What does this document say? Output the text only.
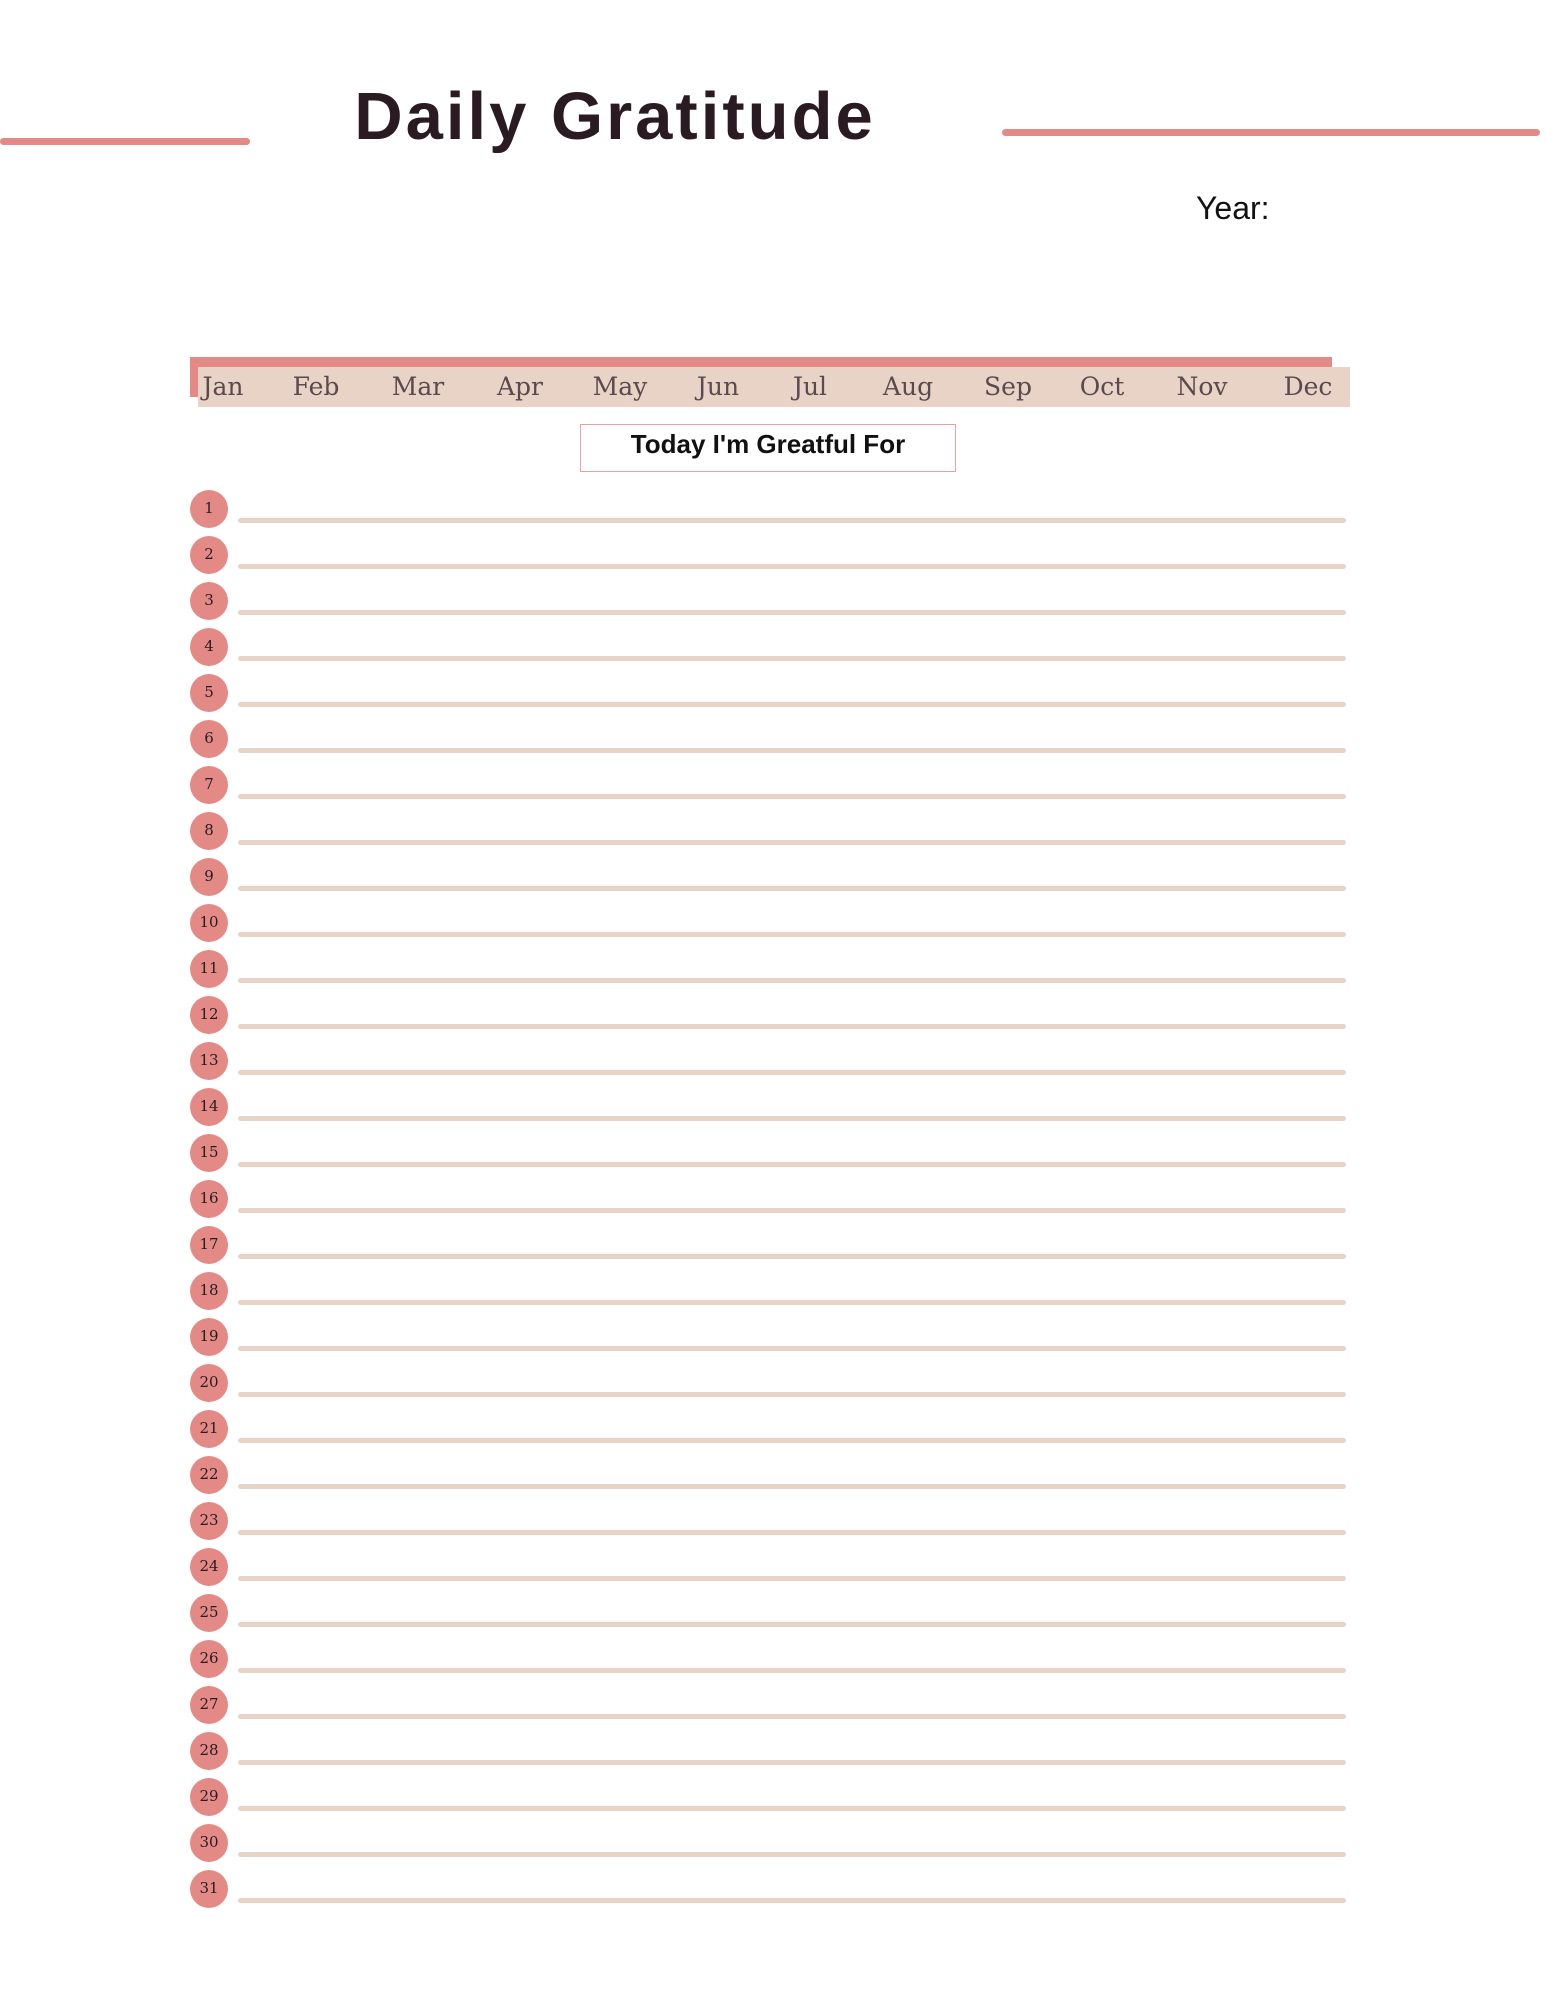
Daily Gratitude
Year:
Jan Feb Mar Apr May Jun Jul Aug Sep Oct Nov Dec
Today I'm Greatful For
1
2
3
4
5
6
7
8
9
10
11
12
13
14
15
16
17
18
19
20
21
22
23
24
25
26
27
28
29
30
31
